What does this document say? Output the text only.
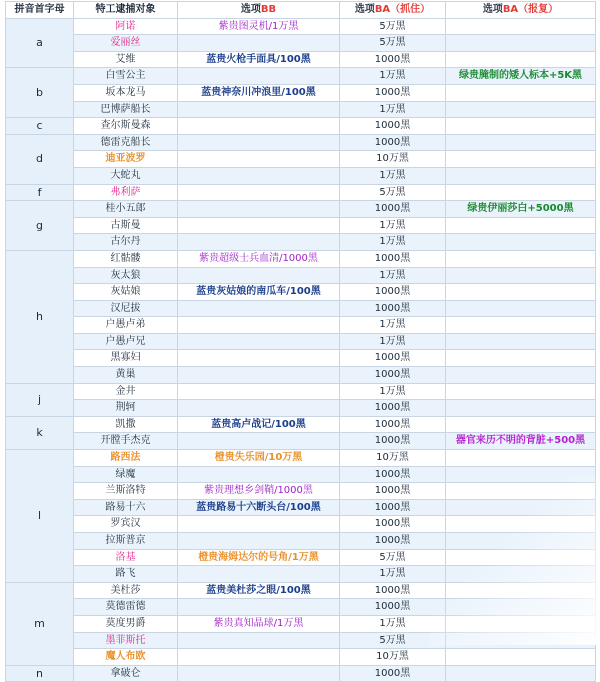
拼音首字母	特工逮捕对象	选项BB	选项BA（抓住）	选项BA（报复）
a	阿诺	紫贵图灵机/1万黑	5万黑	
	爱丽丝		5万黑	
	艾维	蓝贵火枪手面具/100黑	1000黑	
b	白雪公主		1万黑	绿贵腌制的矮人标本+5K黑
	坂本龙马	蓝贵神奈川冲浪里/100黑	1000黑	
	巴博萨船长		1万黑	
c	查尔斯曼森		1000黑	
d	德雷克船长		1000黑	
	迪亚波罗		10万黑	
	大蛇丸		1万黑	
f	弗利萨		5万黑	
g	桂小五郎		1000黑	绿贵伊丽莎白+5000黑
	古斯曼		1万黑	
	古尔丹		1万黑	
h	红骷髅	紫贵超级士兵血清/1000黑	1000黑	
	灰太狼		1万黑	
	灰姑娘	蓝贵灰姑娘的南瓜车/100黑	1000黑	
	汉尼拔		1000黑	
	户愚卢弟		1万黑	
	户愚卢兄		1万黑	
	黑寡妇		1000黑	
	黄巢		1000黑	
j	金井		1万黑	
	荆轲		1000黑	
k	凯撒	蓝贵高卢战记/100黑	1000黑	
	开膛手杰克		1000黑	器官来历不明的背脏+500黑
l	路西法	橙贵失乐园/10万黑	10万黑	
	绿魔		1000黑	
	兰斯洛特	紫贵理想乡剑鞘/1000黑	1000黑	
	路易十六	蓝贵路易十六断头台/100黑	1000黑	
	罗宾汉		1000黑	
	拉斯普京		1000黑	
	洛基	橙贵海姆达尔的号角/1万黑	5万黑	
	路飞		1万黑	
m	美杜莎	蓝贵美杜莎之眼/100黑	1000黑	
	莫德雷德		1000黑	
	莫度男爵	紫贵真知晶球/1万黑	1万黑	
	墨菲斯托		5万黑	
	魔人布欧		10万黑	
n	拿破仑		1000黑	
